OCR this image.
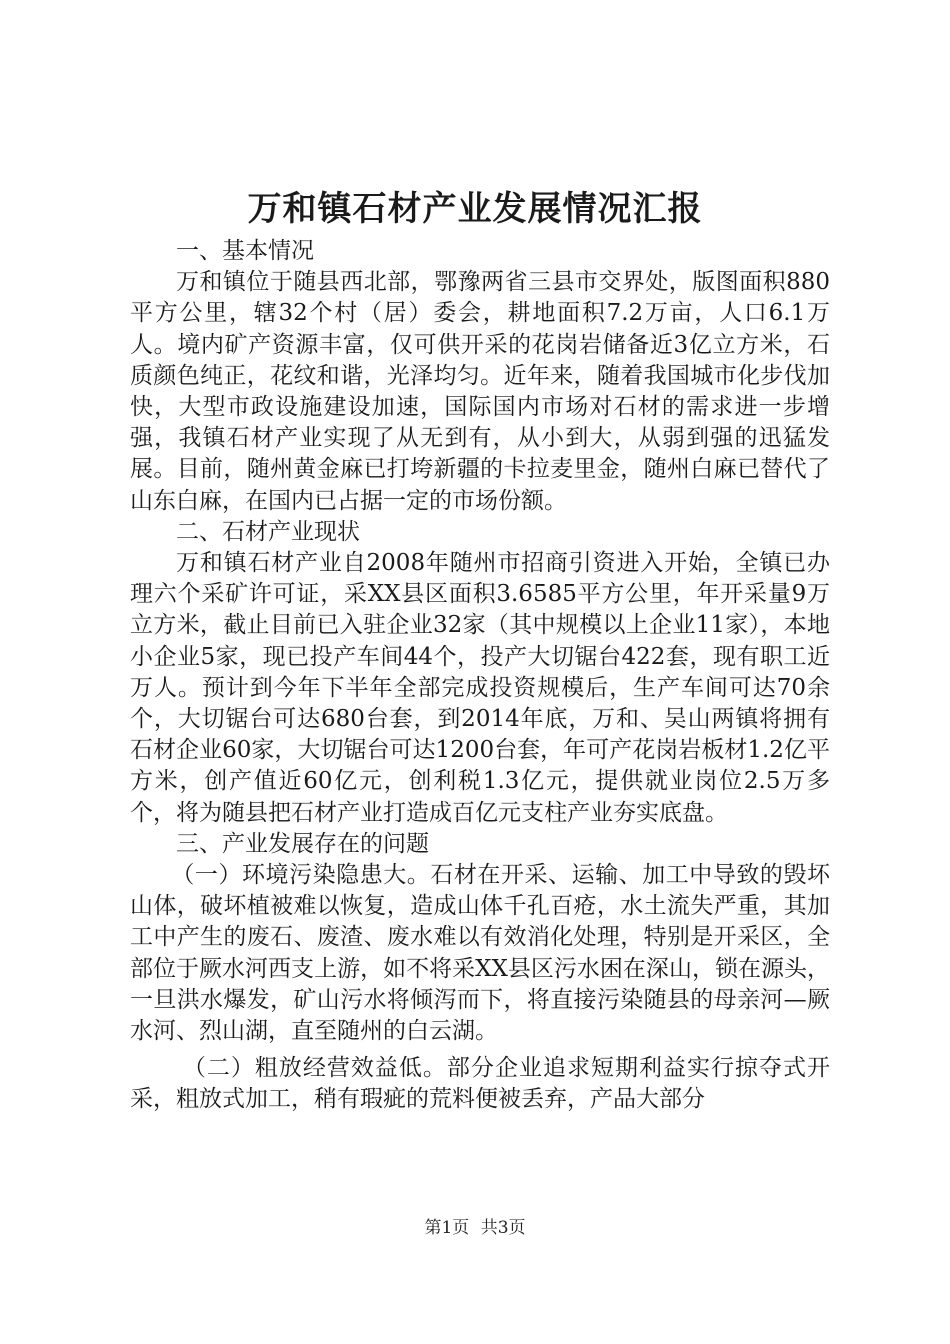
万和镇石材产业发展情况汇报

一、基本情况

万和镇位于随县西北部，鄂豫两省三县市交界处，版图面积880平方公里，辖32个村（居）委会，耕地面积7.2万亩，人口6.1万人。境内矿产资源丰富，仅可供开采的花岗岩储备近3亿立方米，石质颜色纯正，花纹和谐，光泽均匀。近年来，随着我国城市化步伐加快，大型市政设施建设加速，国际国内市场对石材的需求进一步增强，我镇石材产业实现了从无到有，从小到大，从弱到强的迅猛发展。目前，随州黄金麻已打垮新疆的卡拉麦里金，随州白麻已替代了山东白麻，在国内已占据一定的市场份额。

二、石材产业现状

万和镇石材产业自2008年随州市招商引资进入开始，全镇已办理六个采矿许可证，采XX县区面积3.6585平方公里，年开采量9万立方米，截止目前已入驻企业32家（其中规模以上企业11家），本地小企业5家，现已投产车间44个，投产大切锯台422套，现有职工近万人。预计到今年下半年全部完成投资规模后，生产车间可达70余个，大切锯台可达680台套，到2014年底，万和、吴山两镇将拥有石材企业60家，大切锯台可达1200台套，年可产花岗岩板材1.2亿平方米，创产值近60亿元，创利税1.3亿元，提供就业岗位2.5万多个，将为随县把石材产业打造成百亿元支柱产业夯实底盘。

三、产业发展存在的问题

（一）环境污染隐患大。石材在开采、运输、加工中导致的毁坏山体，破坏植被难以恢复，造成山体千孔百疮，水土流失严重，其加工中产生的废石、废渣、废水难以有效消化处理，特别是开采区，全部位于厥水河西支上游，如不将采XX县区污水困在深山，锁在源头，一旦洪水爆发，矿山污水将倾泻而下，将直接污染随县的母亲河—厥水河、烈山湖，直至随州的白云湖。

（二）粗放经营效益低。部分企业追求短期利益实行掠夺式开采，粗放式加工，稍有瑕疵的荒料便被丢弃，产品大部分

第1页 共3页
